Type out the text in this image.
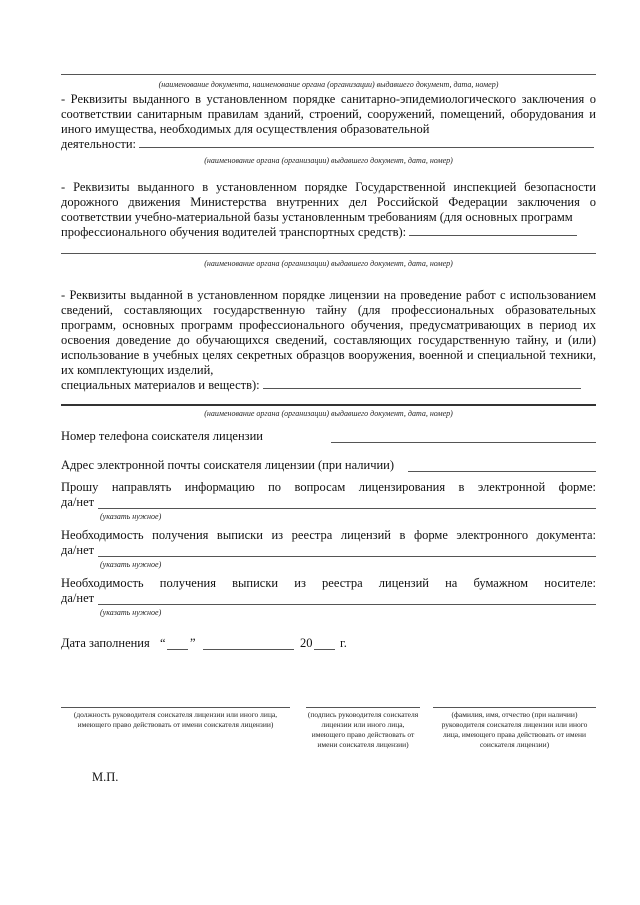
(наименование документа, наименование органа (организации) выдавшего документ, дата, номер)
- Реквизиты выданного в установленном порядке санитарно-эпидемиологического заключения о соответствии санитарным правилам зданий, строений, сооружений, помещений, оборудования и иного имущества, необходимых для осуществления образовательной
деятельности:
(наименование органа (организации) выдавшего документ, дата, номер)
- Реквизиты выданного в установленном порядке Государственной инспекцией безопасности дорожного движения Министерства внутренних дел Российской Федерации заключения о соответствии учебно-материальной базы установленным требованиям (для основных программ
профессионального обучения водителей транспортных средств):
(наименование органа (организации) выдавшего документ, дата, номер)
- Реквизиты выданной в установленном порядке лицензии на проведение работ с использованием сведений, составляющих государственную тайну (для профессиональных образовательных программ, основных программ профессионального обучения, предусматривающих в период их освоения доведение до обучающихся сведений, составляющих государственную тайну, и (или) использование в учебных целях секретных образцов вооружения, военной и специальной техники, их комплектующих изделий,
специальных материалов и веществ):
(наименование органа (организации) выдавшего документ, дата, номер)
Номер телефона соискателя лицензии
Адрес электронной почты соискателя лицензии (при наличии)
Прошу направлять информацию по вопросам лицензирования в электронной форме:
да/нет
(указать нужное)
Необходимость получения выписки из реестра лицензий в форме электронного документа:
да/нет
(указать нужное)
Необходимость получения выписки из реестра лицензий на бумажном носителе:
да/нет
(указать нужное)
Дата заполнения “ ”	20 г.
(должность руководителя соискателя лицензии или иного лица, имеющего право действовать от имени соискателя лицензии)
(подпись руководителя соискателя лицензии или иного лица, имеющего право действовать от имени соискателя лицензии)
(фамилия, имя, отчество (при наличии) руководителя соискателя лицензии или иного лица, имеющего права действовать от имени соискателя лицензии)
М.П.
